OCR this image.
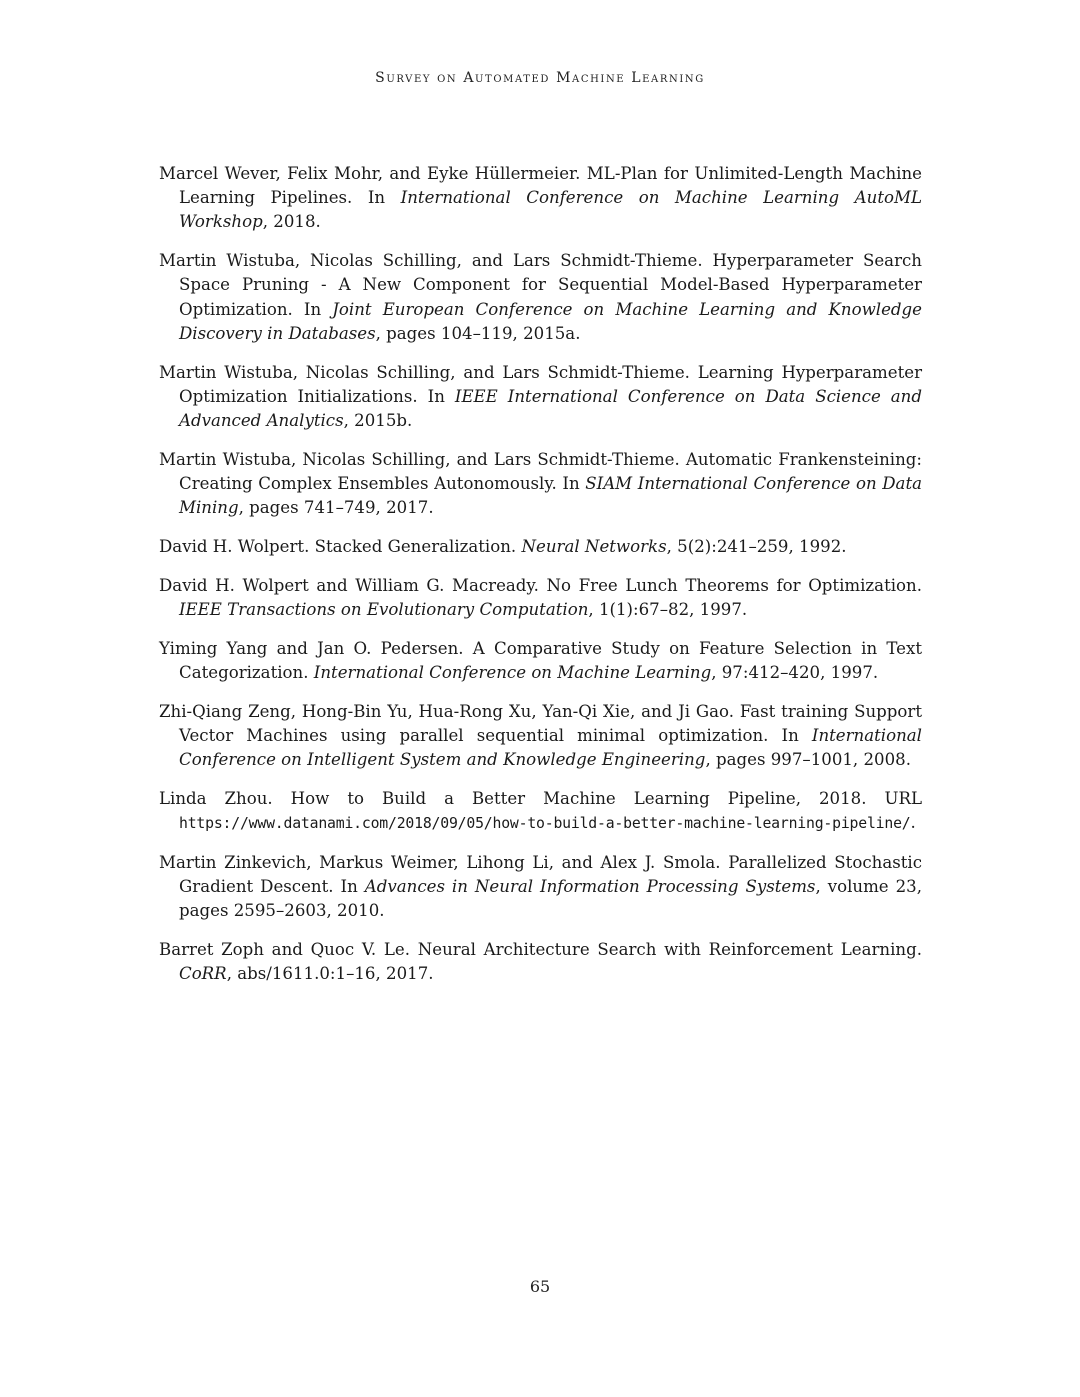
Survey on Automated Machine Learning
Marcel Wever, Felix Mohr, and Eyke Hüllermeier. ML-Plan for Unlimited-Length Machine Learning Pipelines. In International Conference on Machine Learning AutoML Workshop, 2018.
Martin Wistuba, Nicolas Schilling, and Lars Schmidt-Thieme. Hyperparameter Search Space Pruning - A New Component for Sequential Model-Based Hyperparameter Optimization. In Joint European Conference on Machine Learning and Knowledge Discovery in Databases, pages 104–119, 2015a.
Martin Wistuba, Nicolas Schilling, and Lars Schmidt-Thieme. Learning Hyperparameter Optimization Initializations. In IEEE International Conference on Data Science and Advanced Analytics, 2015b.
Martin Wistuba, Nicolas Schilling, and Lars Schmidt-Thieme. Automatic Frankensteining: Creating Complex Ensembles Autonomously. In SIAM International Conference on Data Mining, pages 741–749, 2017.
David H. Wolpert. Stacked Generalization. Neural Networks, 5(2):241–259, 1992.
David H. Wolpert and William G. Macready. No Free Lunch Theorems for Optimization. IEEE Transactions on Evolutionary Computation, 1(1):67–82, 1997.
Yiming Yang and Jan O. Pedersen. A Comparative Study on Feature Selection in Text Categorization. International Conference on Machine Learning, 97:412–420, 1997.
Zhi-Qiang Zeng, Hong-Bin Yu, Hua-Rong Xu, Yan-Qi Xie, and Ji Gao. Fast training Support Vector Machines using parallel sequential minimal optimization. In International Conference on Intelligent System and Knowledge Engineering, pages 997–1001, 2008.
Linda Zhou. How to Build a Better Machine Learning Pipeline, 2018. URL https://www.datanami.com/2018/09/05/how-to-build-a-better-machine-learning-pipeline/.
Martin Zinkevich, Markus Weimer, Lihong Li, and Alex J. Smola. Parallelized Stochastic Gradient Descent. In Advances in Neural Information Processing Systems, volume 23, pages 2595–2603, 2010.
Barret Zoph and Quoc V. Le. Neural Architecture Search with Reinforcement Learning. CoRR, abs/1611.0:1–16, 2017.
65
